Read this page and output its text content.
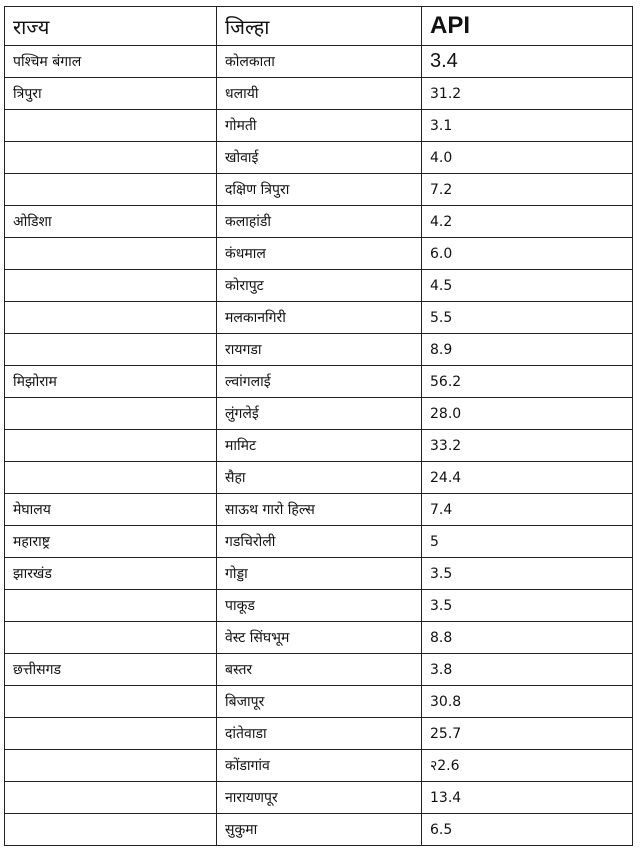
राज्य	जिल्हा	API
पश्चिम बंगाल	कोलकाता	3.4
त्रिपुरा	धलायी	31.2
	गोमती	3.1
	खोवाई	4.0
	दक्षिण त्रिपुरा	7.2
ओडिशा	कलाहांडी	4.2
	कंधमाल	6.0
	कोरापुट	4.5
	मलकानगिरी	5.5
	रायगडा	8.9
मिझोराम	ल्वांगलाई	56.2
	लुंगलेई	28.0
	मामिट	33.2
	सैहा	24.4
मेघालय	साऊथ गारो हिल्स	7.4
महाराष्ट्र	गडचिरोली	5
झारखंड	गोड्डा	3.5
	पाकूड	3.5
	वेस्ट सिंघभूम	8.8
छत्तीसगड	बस्तर	3.8
	बिजापूर	30.8
	दांतेवाडा	25.7
	कोंडागांव	२2.6
	नारायणपूर	13.4
	सुकुमा	6.5
